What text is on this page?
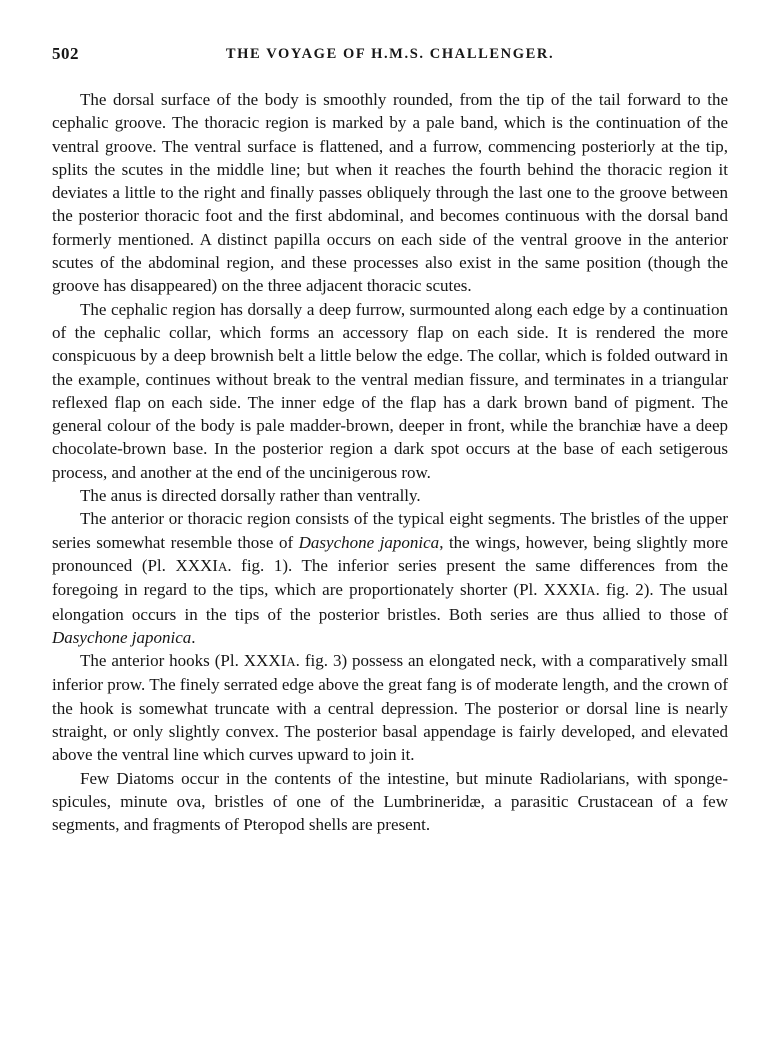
502	THE VOYAGE OF H.M.S. CHALLENGER.

The dorsal surface of the body is smoothly rounded, from the tip of the tail forward to the cephalic groove. The thoracic region is marked by a pale band, which is the continuation of the ventral groove. The ventral surface is flattened, and a furrow, commencing posteriorly at the tip, splits the scutes in the middle line; but when it reaches the fourth behind the thoracic region it deviates a little to the right and finally passes obliquely through the last one to the groove between the posterior thoracic foot and the first abdominal, and becomes continuous with the dorsal band formerly mentioned. A distinct papilla occurs on each side of the ventral groove in the anterior scutes of the abdominal region, and these processes also exist in the same position (though the groove has disappeared) on the three adjacent thoracic scutes.

The cephalic region has dorsally a deep furrow, surmounted along each edge by a continuation of the cephalic collar, which forms an accessory flap on each side. It is rendered the more conspicuous by a deep brownish belt a little below the edge. The collar, which is folded outward in the example, continues without break to the ventral median fissure, and terminates in a triangular reflexed flap on each side. The inner edge of the flap has a dark brown band of pigment. The general colour of the body is pale madder-brown, deeper in front, while the branchiæ have a deep chocolate-brown base. In the posterior region a dark spot occurs at the base of each setigerous process, and another at the end of the uncinigerous row.

The anus is directed dorsally rather than ventrally.

The anterior or thoracic region consists of the typical eight segments. The bristles of the upper series somewhat resemble those of Dasychone japonica, the wings, however, being slightly more pronounced (Pl. XXXIA. fig. 1). The inferior series present the same differences from the foregoing in regard to the tips, which are proportionately shorter (Pl. XXXIA. fig. 2). The usual elongation occurs in the tips of the posterior bristles. Both series are thus allied to those of Dasychone japonica.

The anterior hooks (Pl. XXXIA. fig. 3) possess an elongated neck, with a comparatively small inferior prow. The finely serrated edge above the great fang is of moderate length, and the crown of the hook is somewhat truncate with a central depression. The posterior or dorsal line is nearly straight, or only slightly convex. The posterior basal appendage is fairly developed, and elevated above the ventral line which curves upward to join it.

Few Diatoms occur in the contents of the intestine, but minute Radiolarians, with sponge-spicules, minute ova, bristles of one of the Lumbrineridæ, a parasitic Crustacean of a few segments, and fragments of Pteropod shells are present.
